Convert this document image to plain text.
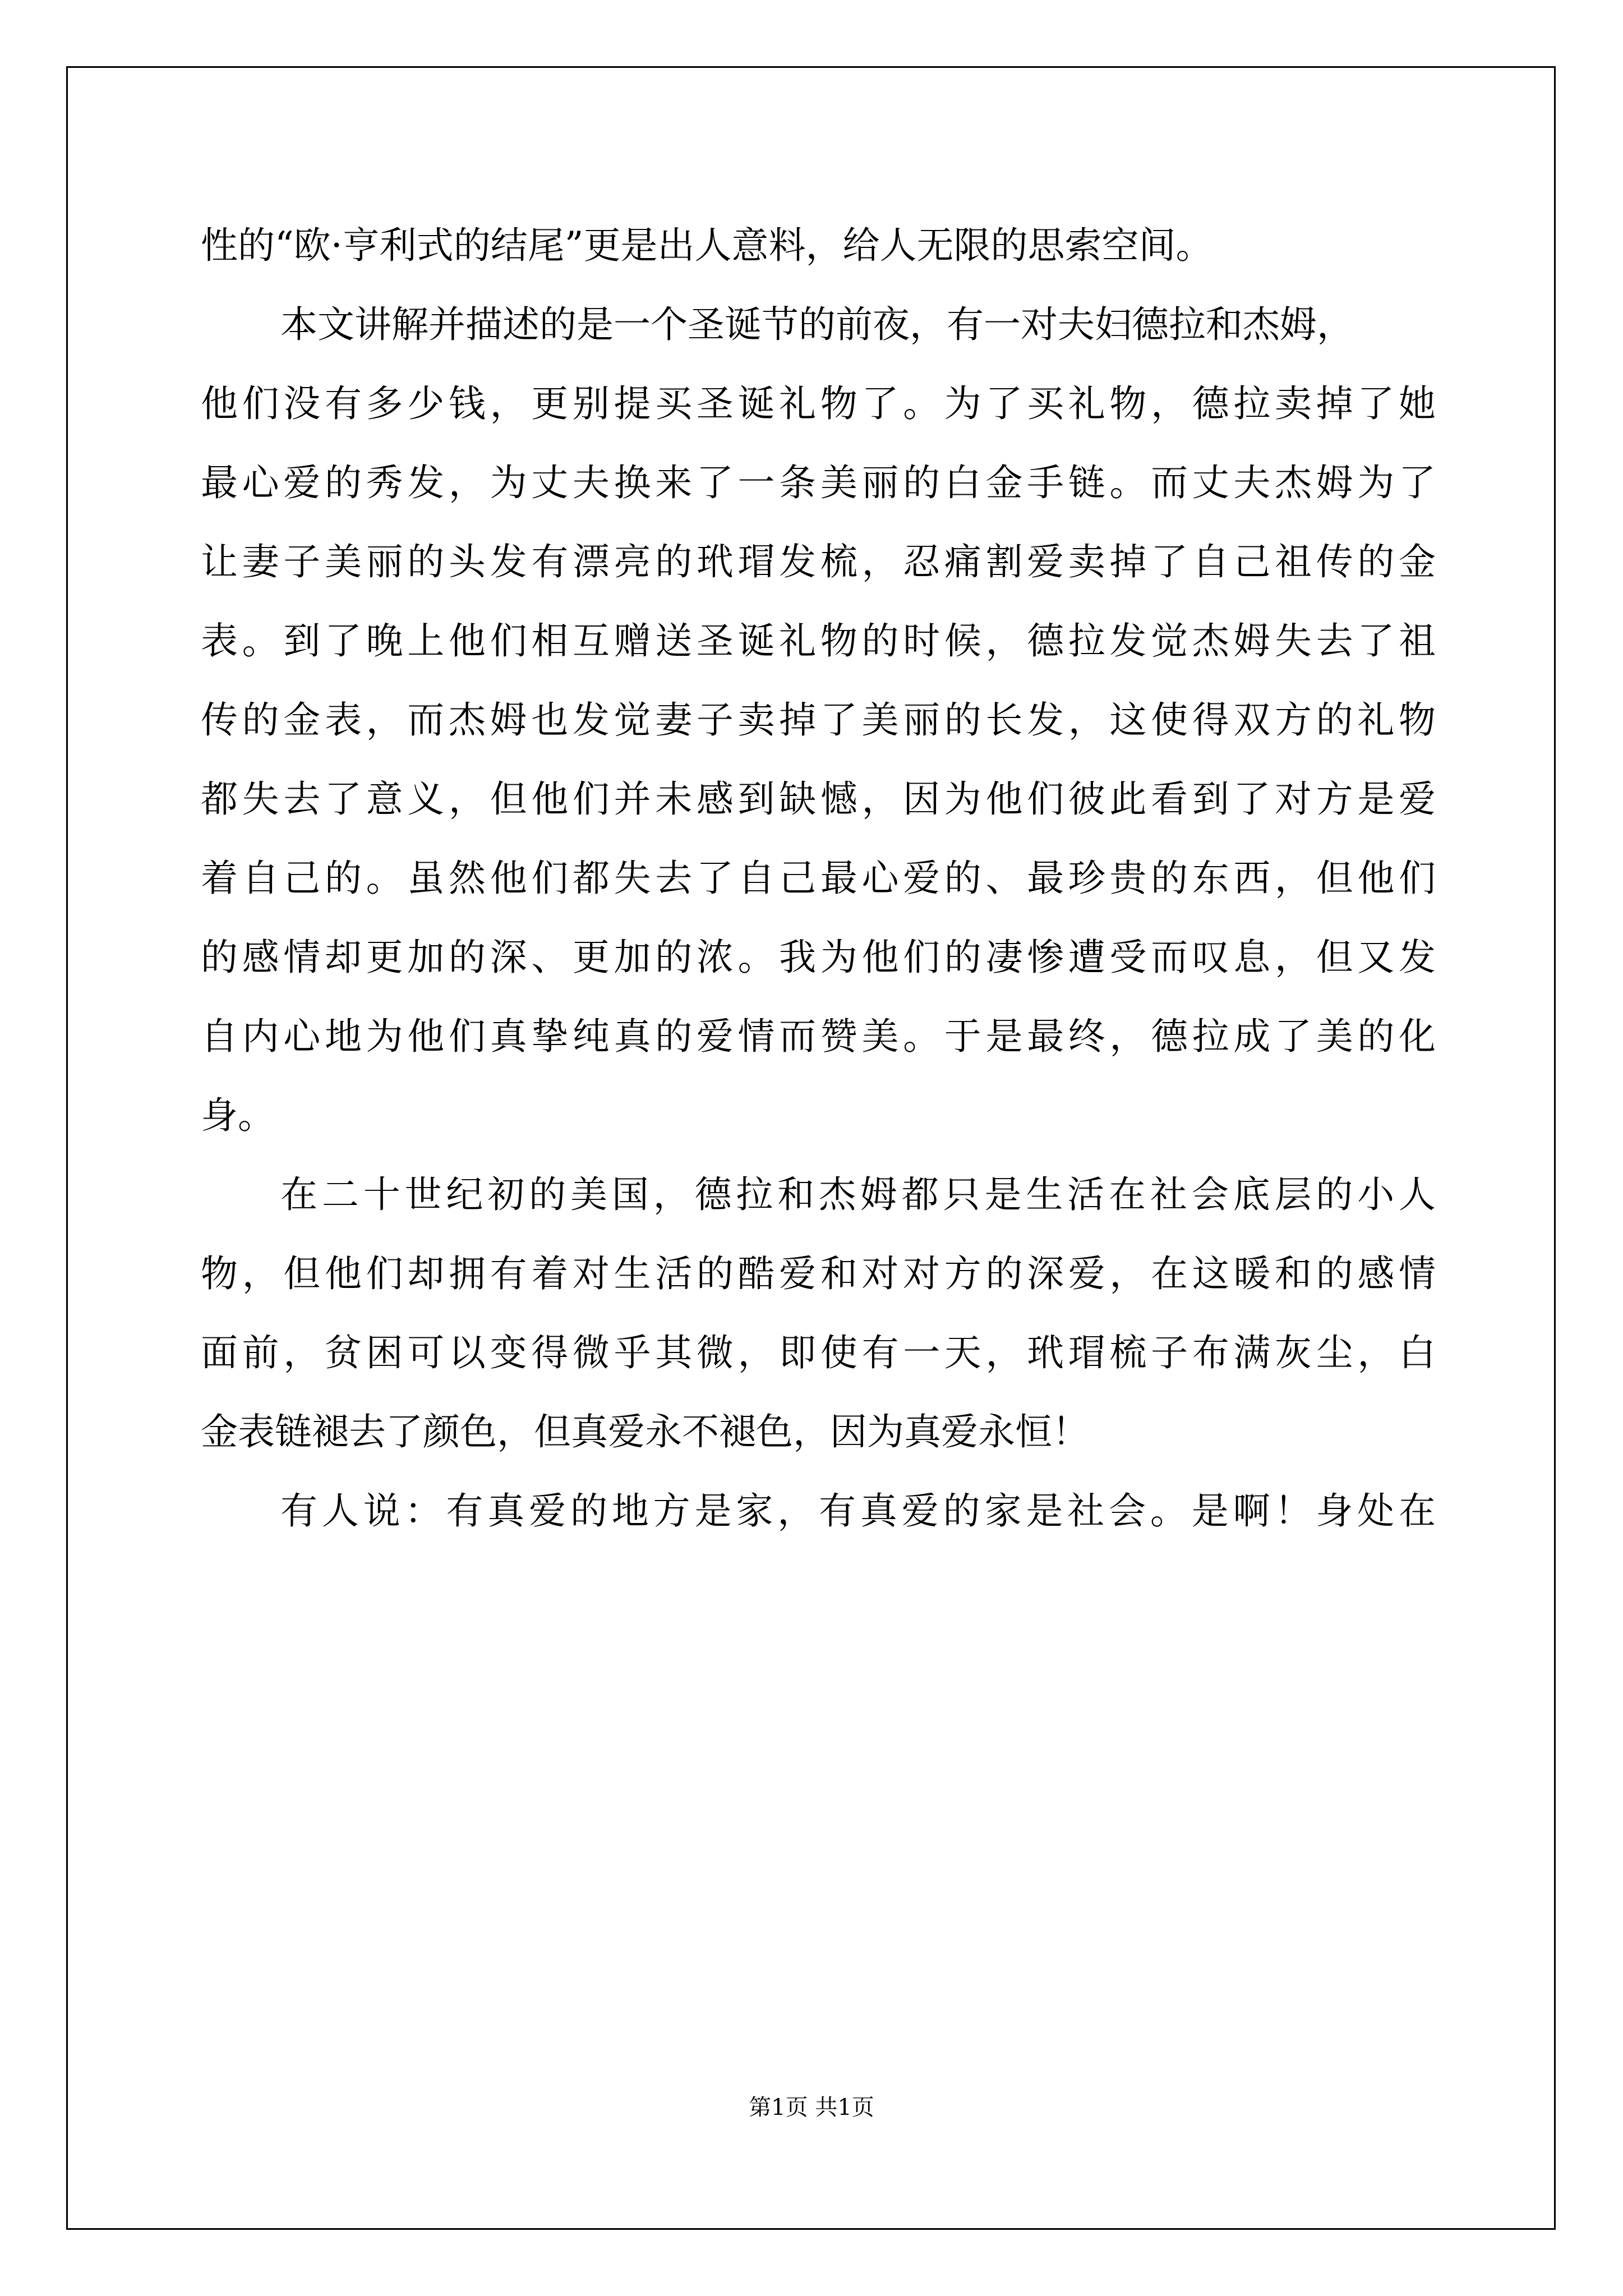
性的“欧·亨利式的结尾”更是出人意料，给人无限的思索空间。
本文讲解并描述的是一个圣诞节的前夜，有一对夫妇德拉和杰姆，
他们没有多少钱，更别提买圣诞礼物了。为了买礼物，德拉卖掉了她
最心爱的秀发，为丈夫换来了一条美丽的白金手链。而丈夫杰姆为了
让妻子美丽的头发有漂亮的玳瑁发梳，忍痛割爱卖掉了自己祖传的金
表。到了晚上他们相互赠送圣诞礼物的时候，德拉发觉杰姆失去了祖
传的金表，而杰姆也发觉妻子卖掉了美丽的长发，这使得双方的礼物
都失去了意义，但他们并未感到缺憾，因为他们彼此看到了对方是爱
着自己的。虽然他们都失去了自己最心爱的、最珍贵的东西，但他们
的感情却更加的深、更加的浓。我为他们的凄惨遭受而叹息，但又发
自内心地为他们真挚纯真的爱情而赞美。于是最终，德拉成了美的化
身。
在二十世纪初的美国，德拉和杰姆都只是生活在社会底层的小人
物，但他们却拥有着对生活的酷爱和对对方的深爱，在这暖和的感情
面前，贫困可以变得微乎其微，即使有一天，玳瑁梳子布满灰尘，白
金表链褪去了颜色，但真爱永不褪色，因为真爱永恒！
有人说：有真爱的地方是家，有真爱的家是社会。是啊！身处在
第1页 共1页
